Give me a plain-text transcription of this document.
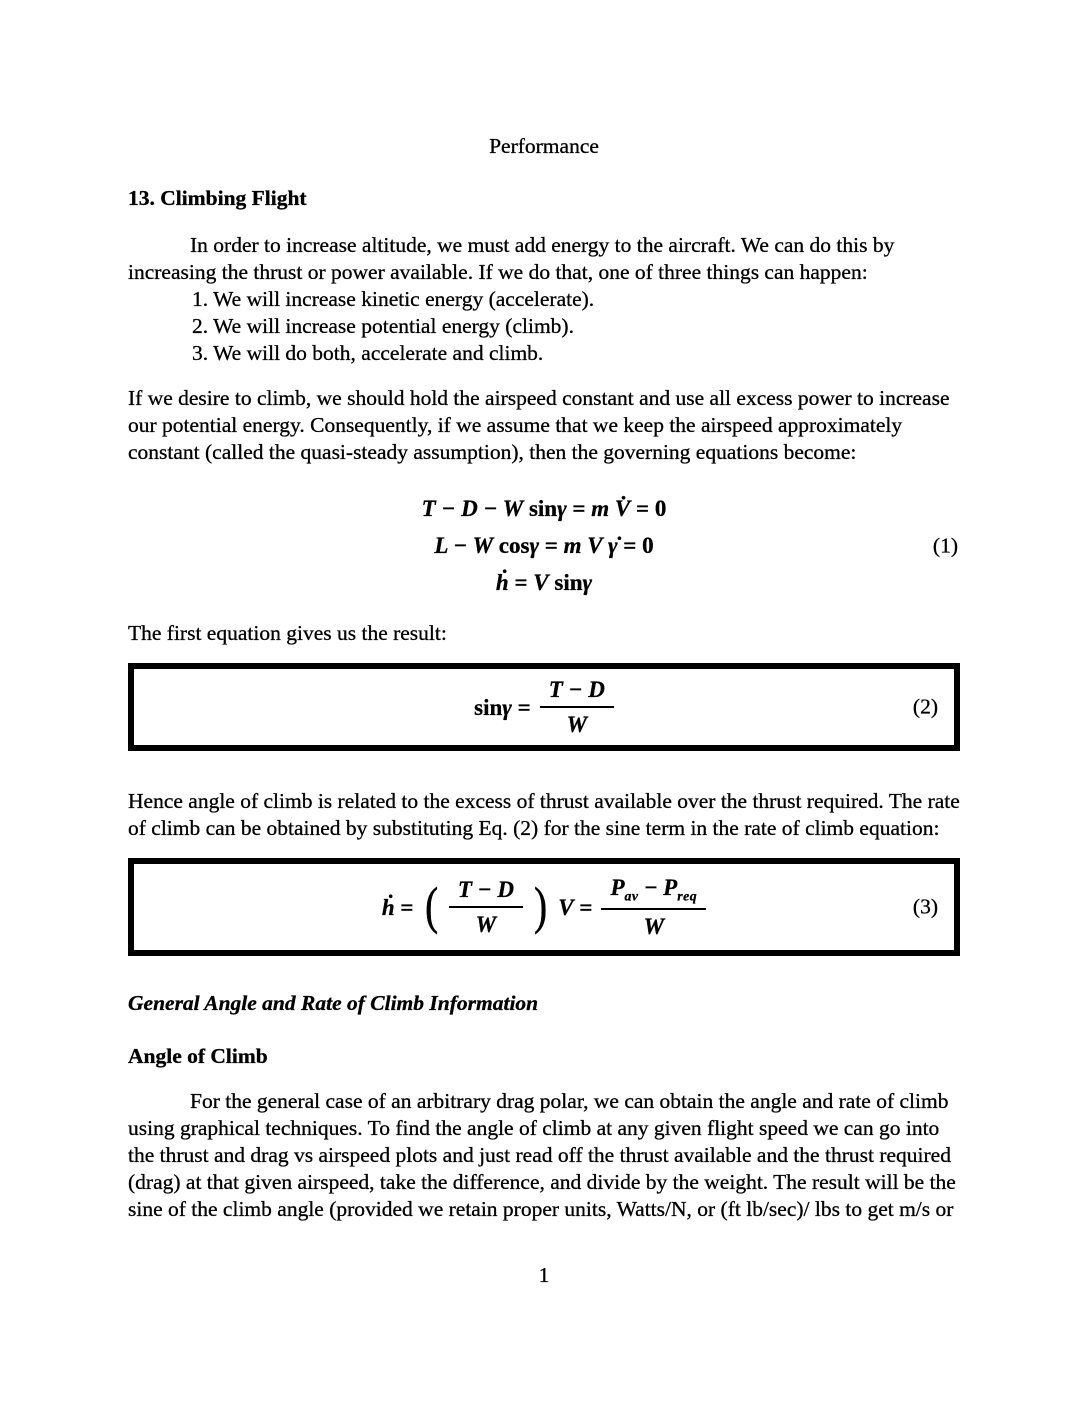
Performance
13. Climbing Flight

In order to increase altitude, we must add energy to the aircraft. We can do this by increasing the thrust or power available. If we do that, one of three things can happen:

1. We will increase kinetic energy (accelerate).
2. We will increase potential energy (climb).
3. We will do both, accelerate and climb.

If we desire to climb, we should hold the airspeed constant and use all excess power to increase our potential energy. Consequently, if we assume that we keep the airspeed approximately constant (called the quasi-steady assumption), then the governing equations become:

T − D − W sinγ = m V̇ = 0
L − W cosγ = m V γ̇ = 0
ḣ = V sinγ
(1)

The first equation gives us the result:

$\sin\gamma = \frac{T - D}{W}$	(2)

Hence angle of climb is related to the excess of thrust available over the thrust required. The rate of climb can be obtained by substituting Eq. (2) for the sine term in the rate of climb equation:

ḣ = ( $\frac{T - D}{W}$ ) $V = \frac{P_{av} - P_{req}}{W}$	(3)
General Angle and Rate of Climb Information
Angle of Climb

For the general case of an arbitrary drag polar, we can obtain the angle and rate of climb using graphical techniques. To find the angle of climb at any given flight speed we can go into the thrust and drag vs airspeed plots and just read off the thrust available and the thrust required (drag) at that given airspeed, take the difference, and divide by the weight. The result will be the sine of the climb angle (provided we retain proper units, Watts/N, or (ft lb/sec)/ lbs to get m/s or

1
